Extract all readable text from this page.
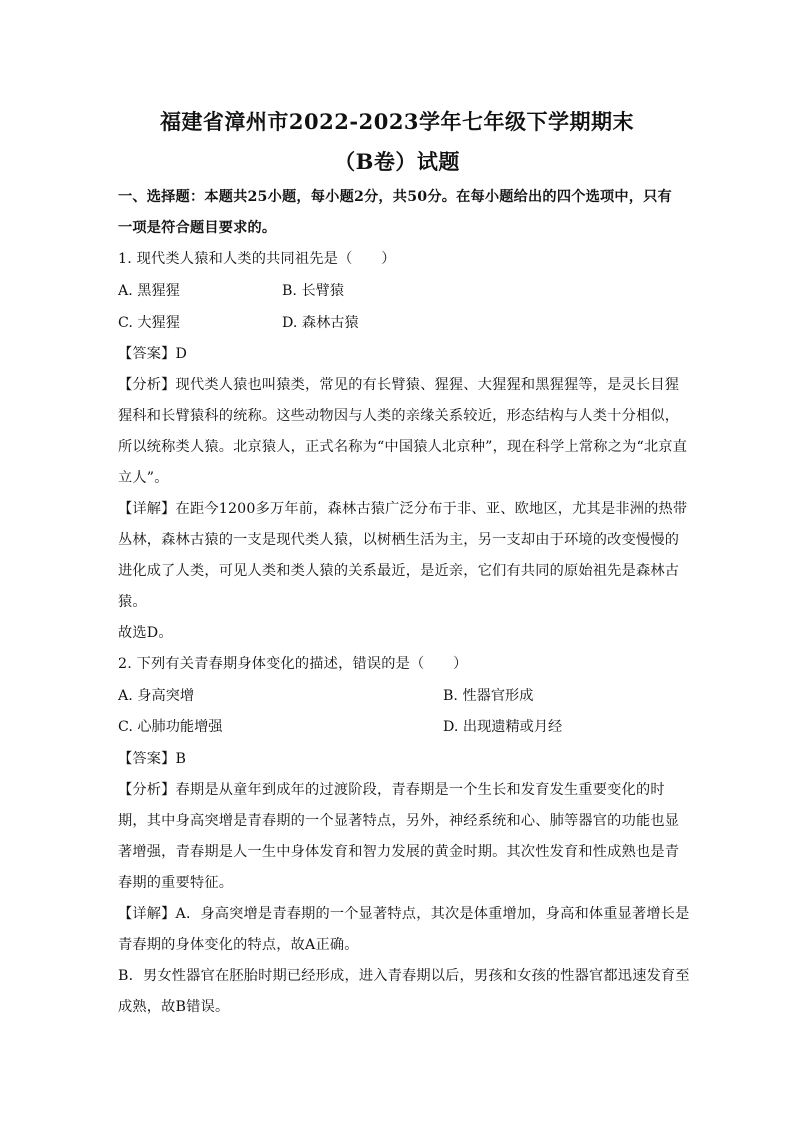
福建省漳州市2022-2023学年七年级下学期期末
（B卷）试题
一、选择题：本题共25小题，每小题2分，共50分。在每小题给出的四个选项中，只有
一项是符合题目要求的。
1. 现代类人猿和人类的共同祖先是（　　）
A. 黑猩猩	B. 长臂猿
C. 大猩猩	D. 森林古猿
【答案】D
【分析】现代类人猿也叫猿类，常见的有长臂猿、猩猩、大猩猩和黑猩猩等，是灵长目猩
猩科和长臂猿科的统称。这些动物因与人类的亲缘关系较近，形态结构与人类十分相似，
所以统称类人猿。北京猿人，正式名称为“中国猿人北京种”，现在科学上常称之为“北京直
立人”。
【详解】在距今1200多万年前，森林古猿广泛分布于非、亚、欧地区，尤其是非洲的热带
丛林，森林古猿的一支是现代类人猿，以树栖生活为主，另一支却由于环境的改变慢慢的
进化成了人类，可见人类和类人猿的关系最近，是近亲，它们有共同的原始祖先是森林古
猿。
故选D。
2. 下列有关青春期身体变化的描述，错误的是（　　）
A. 身高突增	B. 性器官形成
C. 心肺功能增强	D. 出现遗精或月经
【答案】B
【分析】春期是从童年到成年的过渡阶段，青春期是一个生长和发育发生重要变化的时
期，其中身高突增是青春期的一个显著特点，另外，神经系统和心、肺等器官的功能也显
著增强，青春期是人一生中身体发育和智力发展的黄金时期。其次性发育和性成熟也是青
春期的重要特征。
【详解】A．身高突增是青春期的一个显著特点，其次是体重增加，身高和体重显著增长是
青春期的身体变化的特点，故A正确。
B．男女性器官在胚胎时期已经形成，进入青春期以后，男孩和女孩的性器官都迅速发育至
成熟，故B错误。
